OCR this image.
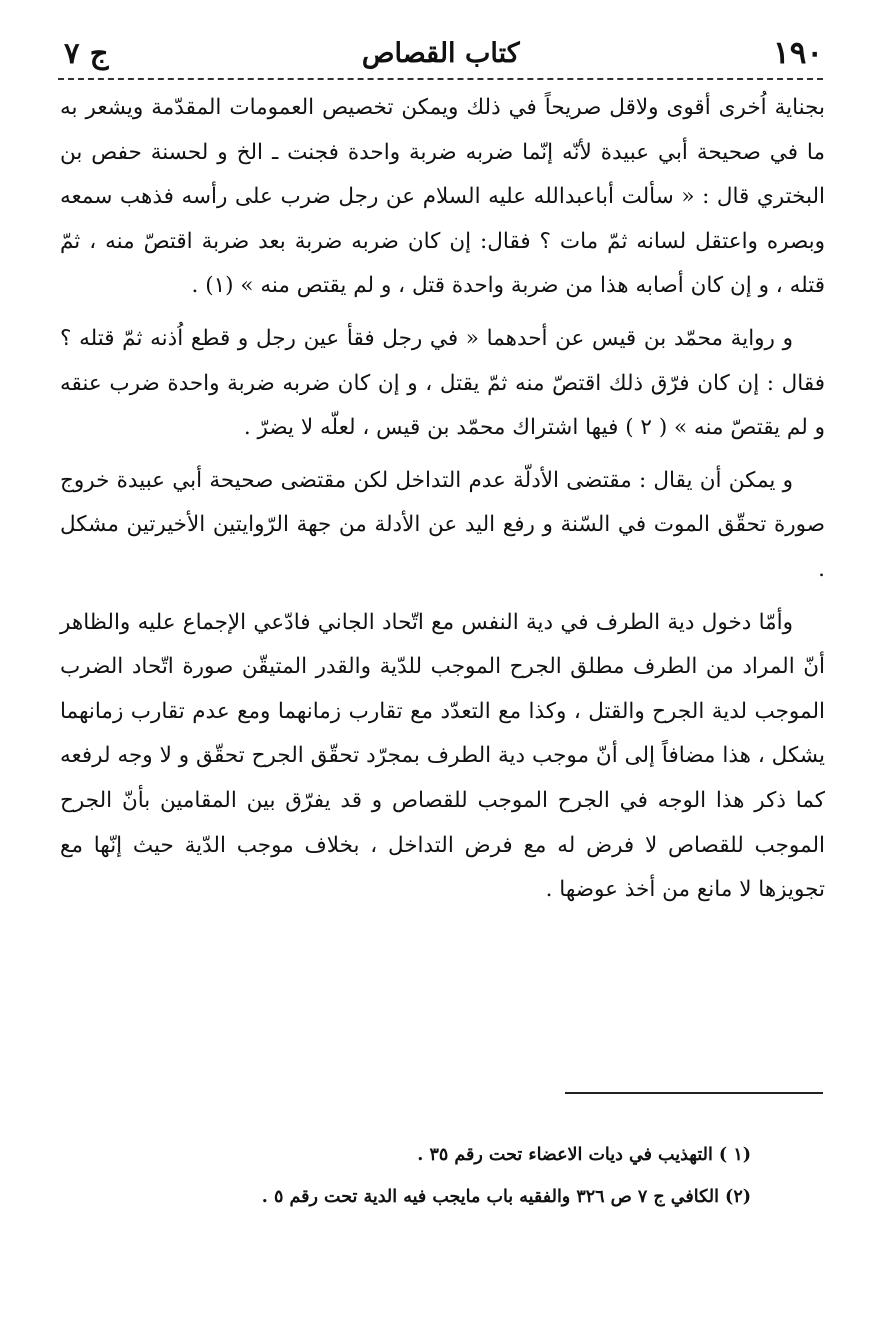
١٩٠
كتاب القصاص
ج ٧

بجناية اُخرى أقوى ولاقل صريحاً في ذلك ويمكن تخصيص العمومات المقدّمة ويشعر به ما في صحيحة أبي عبيدة لأنّه إنّما ضربه ضربة واحدة فجنت ـ الخ و لحسنة حفص بن البختري قال : « سألت أباعبدالله عليه السلام عن رجل ضرب على رأسه فذهب سمعه وبصره واعتقل لسانه ثمّ مات ؟ فقال: إن كان ضربه ضربة بعد ضربة اقتصّ منه ، ثمّ قتله ، و إن كان أصابه هذا من ضربة واحدة قتل ، و لم يقتص منه » (١) .

و رواية محمّد بن قيس عن أحدهما « في رجل فقأ عين رجل و قطع اُذنه ثمّ قتله ؟ فقال : إن كان فرّق ذلك اقتصّ منه ثمّ يقتل ، و إن كان ضربه ضربة واحدة ضرب عنقه و لم يقتصّ منه » ( ٢ ) فيها اشتراك محمّد بن قيس ، لعلّه لا يضرّ .

و يمكن أن يقال : مقتضى الأدلّة عدم التداخل لكن مقتضى صحيحة أبي عبيدة خروج صورة تحقّق الموت في السّنة و رفع اليد عن الأدلة من جهة الرّوايتين الأخيرتين مشكل .

وأمّا دخول دية الطرف في دية النفس مع اتّحاد الجاني فادّعي الإجماع عليه والظاهر أنّ المراد من الطرف مطلق الجرح الموجب للدّية والقدر المتيقّن صورة اتّحاد الضرب الموجب لدية الجرح والقتل ، وكذا مع التعدّد مع تقارب زمانهما ومع عدم تقارب زمانهما يشكل ، هذا مضافاً إلى أنّ موجب دية الطرف بمجرّد تحقّق الجرح تحقّق و لا وجه لرفعه كما ذكر هذا الوجه في الجرح الموجب للقصاص و قد يفرّق بين المقامين بأنّ الجرح الموجب للقصاص لا فرض له مع فرض التداخل ، بخلاف موجب الدّية حيث إنّها مع تجويزها لا مانع من أخذ عوضها .

(١ ) التهذيب في ديات الاعضاء تحت رقم ٣٥ .

(٢) الكافي ج ٧ ص ٣٢٦ والفقيه باب مايجب فيه الدية تحت رقم ٥ .
